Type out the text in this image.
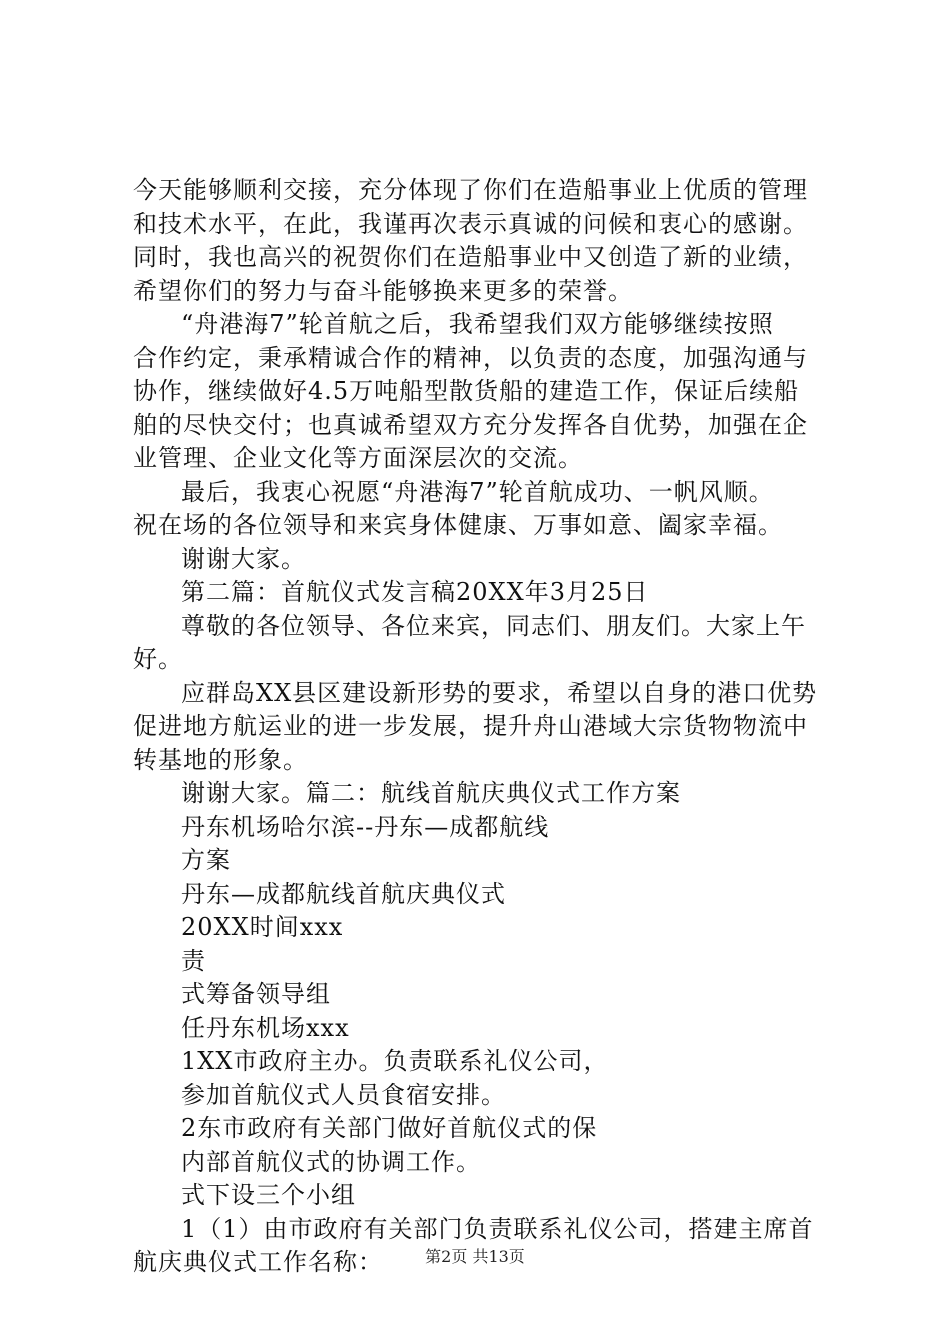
今天能够顺利交接，充分体现了你们在造船事业上优质的管理
和技术水平，在此，我谨再次表示真诚的问候和衷心的感谢。
同时，我也高兴的祝贺你们在造船事业中又创造了新的业绩，
希望你们的努力与奋斗能够换来更多的荣誉。
“舟港海7”轮首航之后，我希望我们双方能够继续按照
合作约定，秉承精诚合作的精神，以负责的态度，加强沟通与
协作，继续做好4.5万吨船型散货船的建造工作，保证后续船
舶的尽快交付；也真诚希望双方充分发挥各自优势，加强在企
业管理、企业文化等方面深层次的交流。
最后，我衷心祝愿“舟港海7”轮首航成功、一帆风顺。
祝在场的各位领导和来宾身体健康、万事如意、阖家幸福。
谢谢大家。
第二篇：首航仪式发言稿20XX年3月25日
尊敬的各位领导、各位来宾，同志们、朋友们。大家上午
好。
应群岛XX县区建设新形势的要求，希望以自身的港口优势
促进地方航运业的进一步发展，提升舟山港域大宗货物物流中
转基地的形象。
谢谢大家。篇二：航线首航庆典仪式工作方案
丹东机场哈尔滨--丹东—成都航线
方案
丹东—成都航线首航庆典仪式
20XX时间xxx
责
式筹备领导组
任丹东机场xxx
1XX市政府主办。负责联系礼仪公司，
参加首航仪式人员食宿安排。
2东市政府有关部门做好首航仪式的保
内部首航仪式的协调工作。
式下设三个小组
1（1）由市政府有关部门负责联系礼仪公司，搭建主席首
航庆典仪式工作名称：	第2页 共13页
